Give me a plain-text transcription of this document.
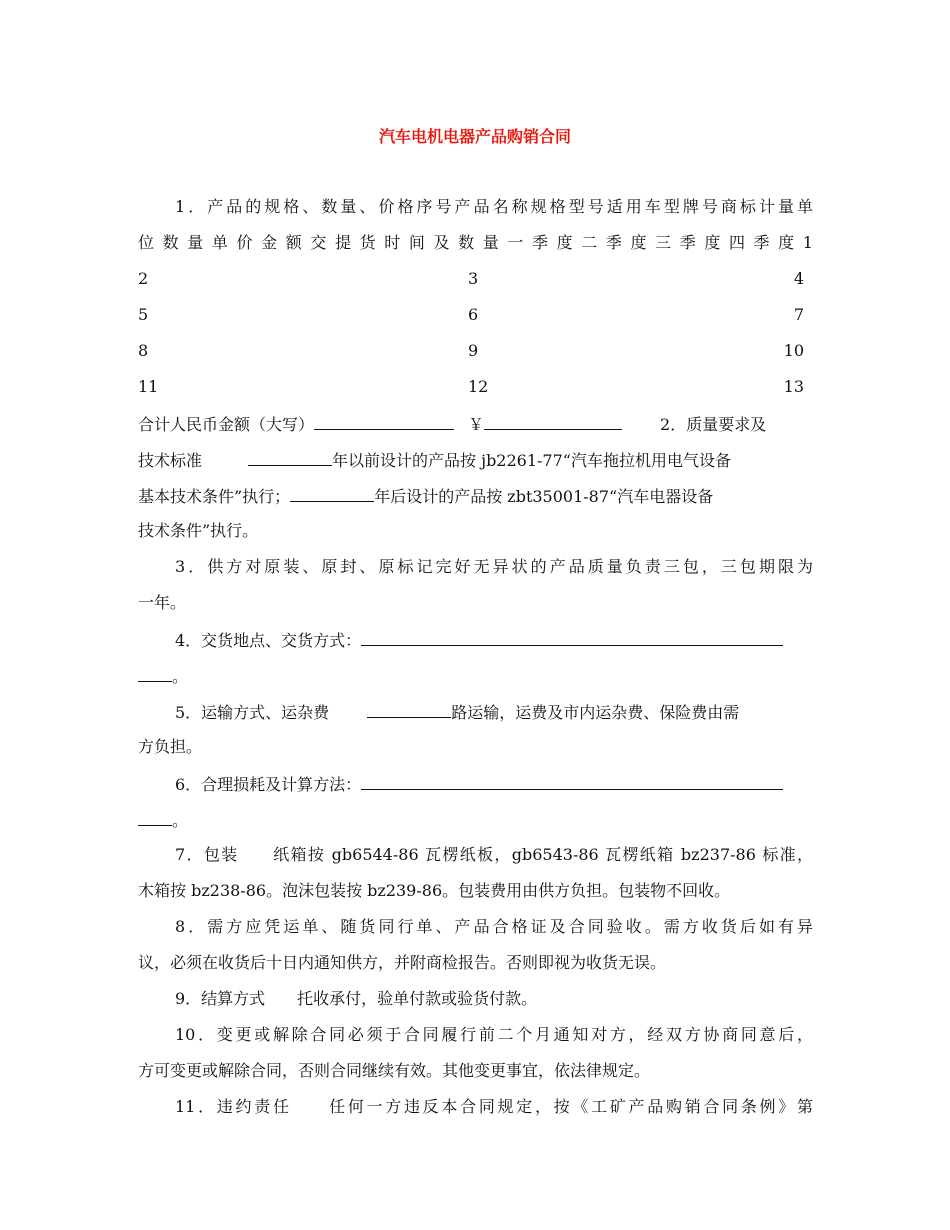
汽车电机电器产品购销合同
1．产品的规格、数量、价格序号产品名称规格型号适用车型牌号商标计量单
位 数 量 单 价 金 额 交 提 货 时 间 及 数 量 一 季 度 二 季 度 三 季 度 四 季 度 1
2	3	4
5	6	7
8	9	10
11	12	13
合计人民币金额（大写）	￥	2．质量要求及
技术标准	年以前设计的产品按 jb2261-77“汽车拖拉机用电气设备
基本技术条件”执行；	年后设计的产品按 zbt35001-87“汽车电器设备
技术条件”执行。
3．供方对原装、原封、原标记完好无异状的产品质量负责三包，三包期限为
一年。
4．交货地点、交货方式：
。
5．运输方式、运杂费	路运输，运费及市内运杂费、保险费由需
方负担。
6．合理损耗及计算方法：
。
7．包装　　纸箱按 gb6544-86 瓦楞纸板，gb6543-86 瓦楞纸箱 bz237-86 标准，
木箱按 bz238-86。泡沫包装按 bz239-86。包装费用由供方负担。包装物不回收。
8．需方应凭运单、随货同行单、产品合格证及合同验收。需方收货后如有异
议，必须在收货后十日内通知供方，并附商检报告。否则即视为收货无误。
9．结算方式　　托收承付，验单付款或验货付款。
10．变更或解除合同必须于合同履行前二个月通知对方，经双方协商同意后，
方可变更或解除合同，否则合同继续有效。其他变更事宜，依法律规定。
11．违约责任　　任何一方违反本合同规定，按《工矿产品购销合同条例》第
